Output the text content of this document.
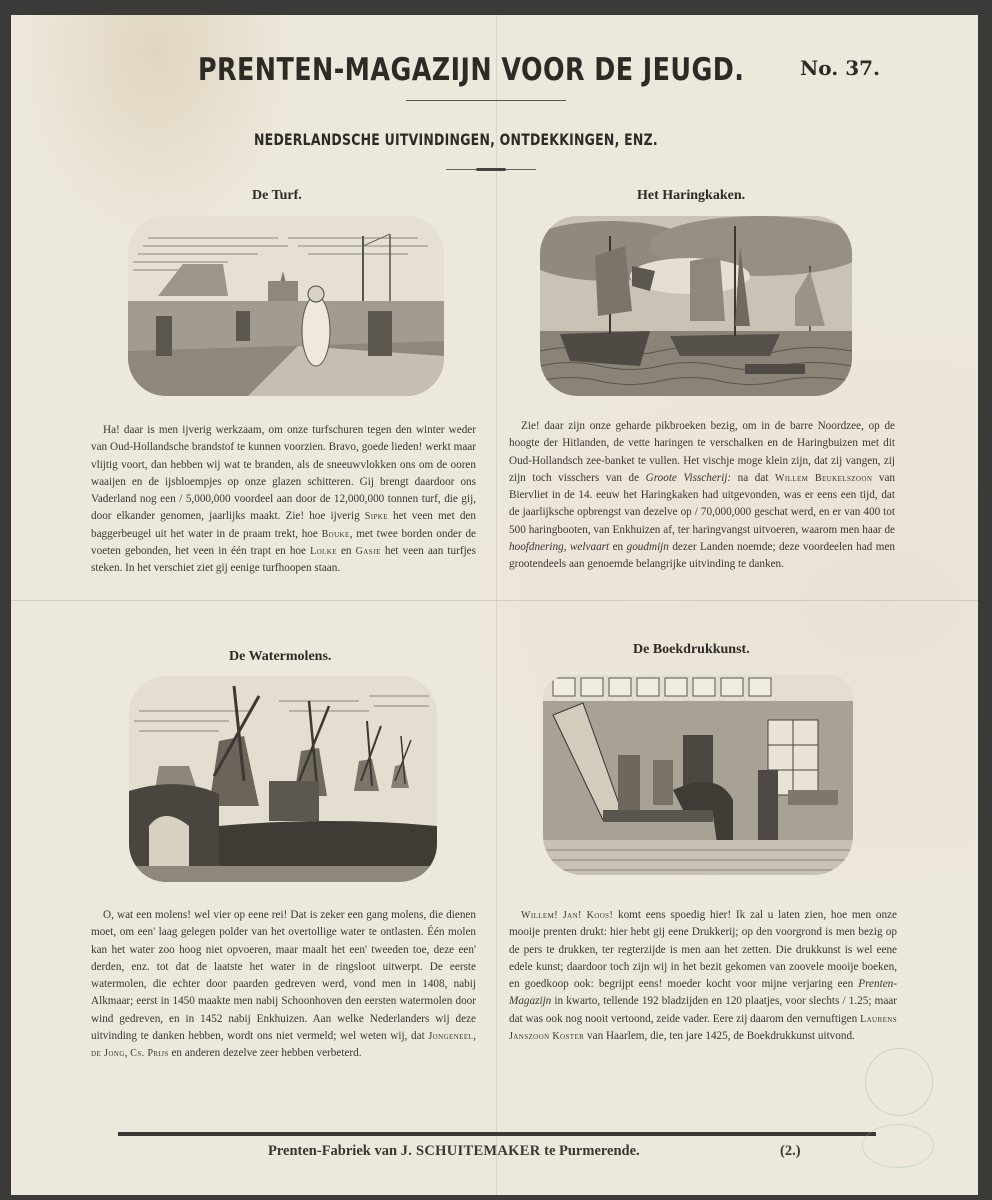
PRENTEN-MAGAZIJN VOOR DE JEUGD.	No. 37.
NEDERLANDSCHE UITVINDINGEN, ONTDEKKINGEN, ENZ.
De Turf.

Ha! daar is men ijverig werkzaam, om onze turfschuren tegen den winter weder van Oud-Hollandsche brandstof te kunnen voorzien. Bravo, goede lieden! werkt maar vlijtig voort, dan hebben wij wat te branden, als de sneeuwvlokken ons om de ooren waaijen en de ijsbloempjes op onze glazen schitteren. Gij brengt daardoor ons Vaderland nog een / 5,000,000 voordeel aan door de 12,000,000 tonnen turf, die gij, door elkander genomen, jaarlijks maakt. Zie! hoe ijverig Sipke het veen met den baggerbeugel uit het water in de praam trekt, hoe Bouke, met twee borden onder de voeten gebonden, het veen in één trapt en hoe Lolke en Gasje het veen aan turfjes steken. In het verschiet ziet gij eenige turfhoopen staan.

Het Haringkaken.

Zie! daar zijn onze geharde pikbroeken bezig, om in de barre Noordzee, op de hoogte der Hitlanden, de vette haringen te verschalken en de Haringbuizen met dit Oud-Hollandsch zee-banket te vullen. Het vischje moge klein zijn, dat zij vangen, zij zijn toch visschers van de Groote Visscherij: na dat Willem Beukelszoon van Biervliet in de 14. eeuw het Haringkaken had uitgevonden, was er eens een tijd, dat de jaarlijksche opbrengst van dezelve op / 70,000,000 geschat werd, en er van 400 tot 500 haringbooten, van Enkhuizen af, ter haringvangst uitvoeren, waarom men haar de hoofdnering, welvaart en goudmijn dezer Landen noemde; deze voordeelen had men grootendeels aan genoemde belangrijke uitvinding te danken.

De Watermolens.

O, wat een molens! wel vier op eene rei! Dat is zeker een gang molens, die dienen moet, om een' laag gelegen polder van het overtollige water te ontlasten. Één molen kan het water zoo hoog niet opvoeren, maar maalt het een' tweeden toe, deze een' derden, enz. tot dat de laatste het water in de ringsloot uitwerpt. De eerste watermolen, die echter door paarden gedreven werd, vond men in 1408, nabij Alkmaar; eerst in 1450 maakte men nabij Schoonhoven den eersten watermolen door wind gedreven, en in 1452 nabij Enkhuizen. Aan welke Nederlanders wij deze uitvinding te danken hebben, wordt ons niet vermeld; wel weten wij, dat Jongeneel, de Jong, Cs. Prijs en anderen dezelve zeer hebben verbeterd.

De Boekdrukkunst.

Willem! Jan! Koos! komt eens spoedig hier! Ik zal u laten zien, hoe men onze mooije prenten drukt: hier hebt gij eene Drukkerij; op den voorgrond is men bezig op de pers te drukken, ter regterzijde is men aan het zetten. Die drukkunst is wel eene edele kunst; daardoor toch zijn wij in het bezit gekomen van zoovele mooije boeken, en goedkoop ook: begrijpt eens! moeder kocht voor mijne verjaring een Prenten-Magazijn in kwarto, tellende 192 bladzijden en 120 plaatjes, voor slechts / 1.25; maar dat was ook nog nooit vertoond, zeide vader. Eere zij daarom den vernuftigen Laurens Janszoon Koster van Haarlem, die, ten jare 1425, de Boekdrukkunst uitvond.

Prenten-Fabriek van J. SCHUITEMAKER te Purmerende.	(2.)
